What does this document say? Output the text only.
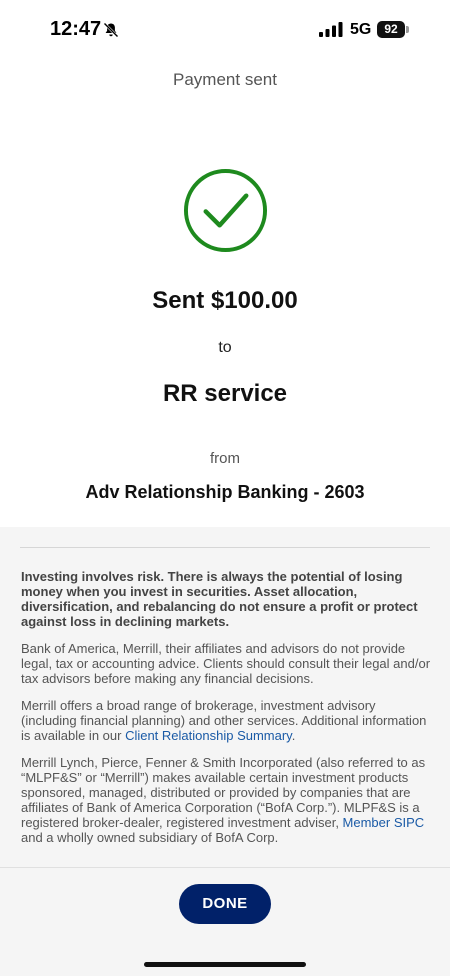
12:47	5G	92
Payment sent
Sent $100.00
to
RR service
from
Adv Relationship Banking - 2603

Investing involves risk. There is always the potential of losing money when you invest in securities. Asset allocation, diversification, and rebalancing do not ensure a profit or protect against loss in declining markets.

Bank of America, Merrill, their affiliates and advisors do not provide legal, tax or accounting advice. Clients should consult their legal and/or tax advisors before making any financial decisions.

Merrill offers a broad range of brokerage, investment advisory (including financial planning) and other services. Additional information is available in our Client Relationship Summary.

Merrill Lynch, Pierce, Fenner & Smith Incorporated (also referred to as “MLPF&S” or “Merrill”) makes available certain investment products sponsored, managed, distributed or provided by companies that are affiliates of Bank of America Corporation (“BofA Corp.”). MLPF&S is a registered broker-dealer, registered investment adviser, Member SIPC and a wholly owned subsidiary of BofA Corp.

DONE
